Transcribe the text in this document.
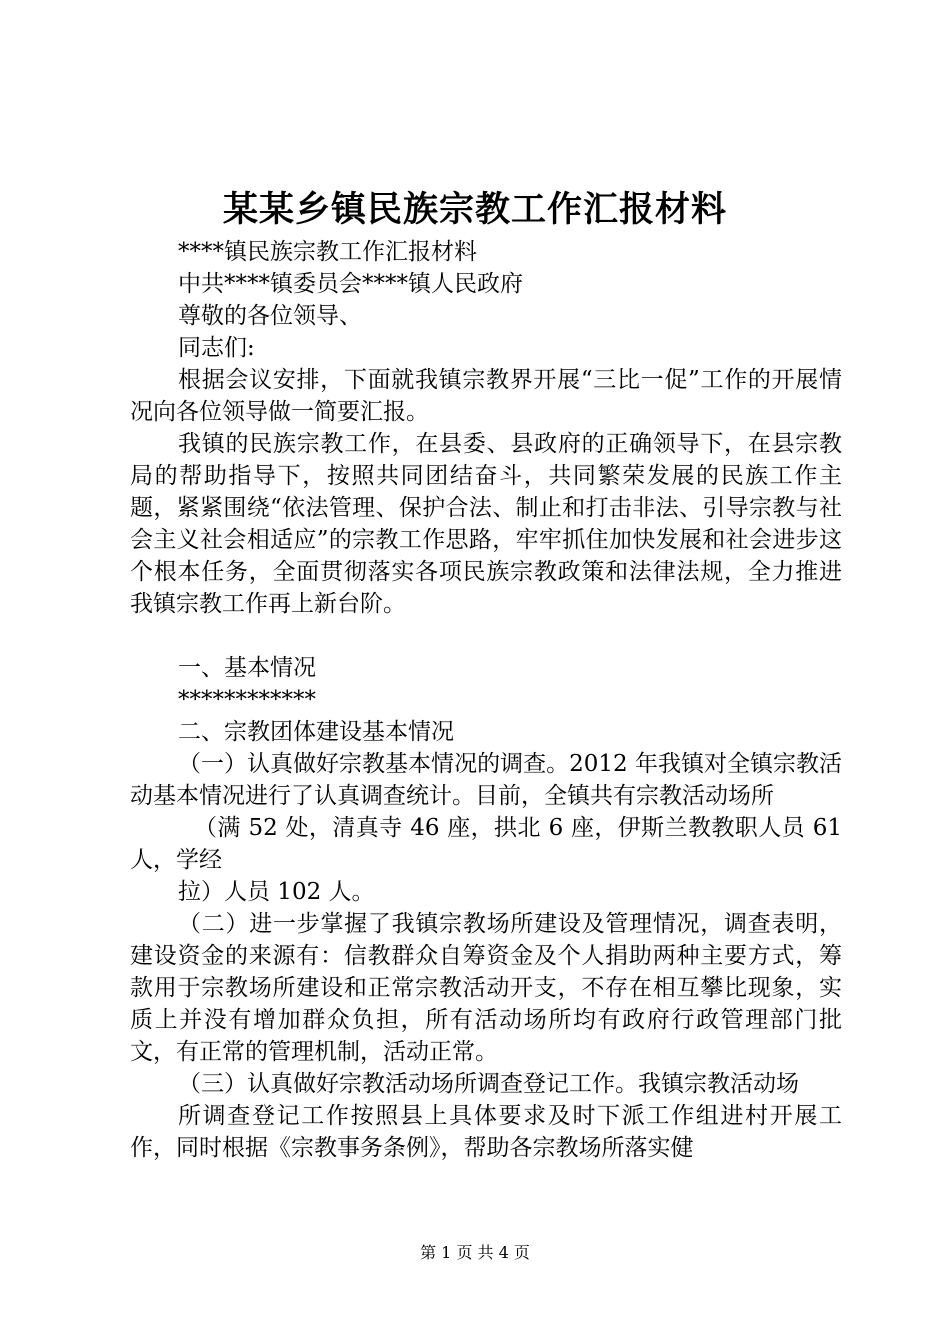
某某乡镇民族宗教工作汇报材料

****镇民族宗教工作汇报材料

中共****镇委员会****镇人民政府

尊敬的各位领导、

同志们:

根据会议安排，下面就我镇宗教界开展“三比一促”工作的开展情况向各位领导做一简要汇报。

我镇的民族宗教工作，在县委、县政府的正确领导下，在县宗教局的帮助指导下，按照共同团结奋斗，共同繁荣发展的民族工作主题，紧紧围绕“依法管理、保护合法、制止和打击非法、引导宗教与社会主义社会相适应”的宗教工作思路，牢牢抓住加快发展和社会进步这个根本任务，全面贯彻落实各项民族宗教政策和法律法规，全力推进我镇宗教工作再上新台阶。

一、基本情况

************

二、宗教团体建设基本情况

（一）认真做好宗教基本情况的调查。2012 年我镇对全镇宗教活动基本情况进行了认真调查统计。目前，全镇共有宗教活动场所

（满 52 处，清真寺 46 座，拱北 6 座，伊斯兰教教职人员 61 人，学经

拉）人员 102 人。

（二）进一步掌握了我镇宗教场所建设及管理情况，调查表明，建设资金的来源有：信教群众自筹资金及个人捐助两种主要方式，筹款用于宗教场所建设和正常宗教活动开支，不存在相互攀比现象，实质上并没有增加群众负担，所有活动场所均有政府行政管理部门批文，有正常的管理机制，活动正常。

（三）认真做好宗教活动场所调查登记工作。我镇宗教活动场

所调查登记工作按照县上具体要求及时下派工作组进村开展工作，同时根据《宗教事务条例》，帮助各宗教场所落实健

第 1 页 共 4 页
